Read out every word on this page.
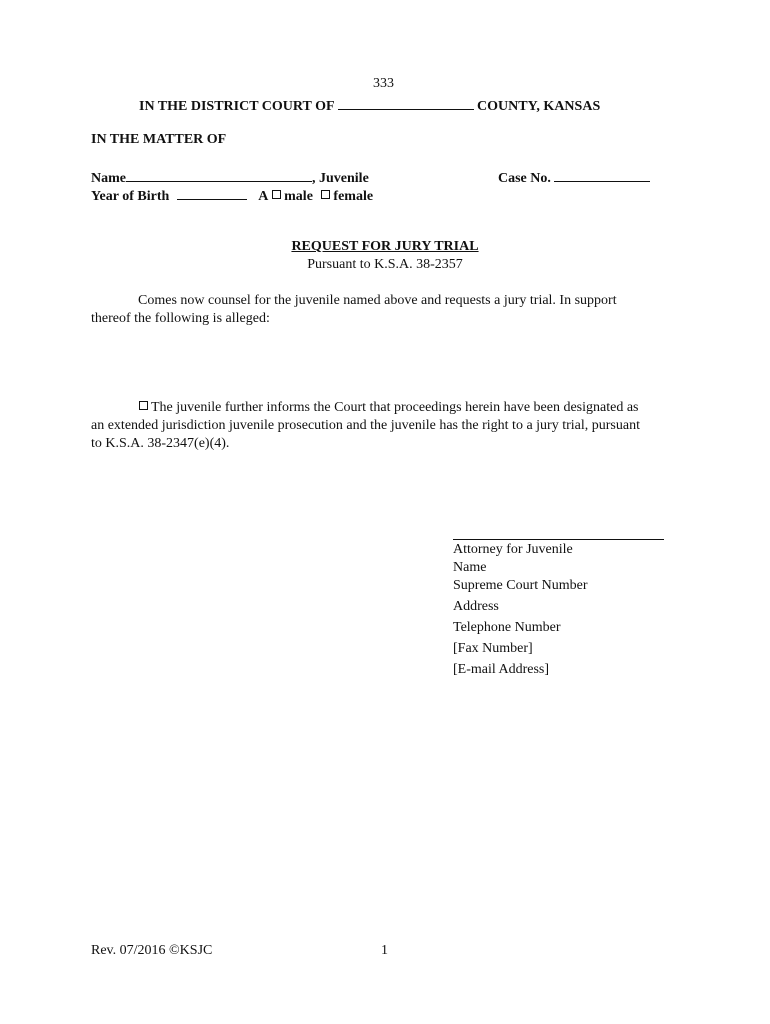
333
IN THE DISTRICT COURT OF	COUNTY, KANSAS
IN THE MATTER OF
Name	, Juvenile	Case No.
Year of Birth	A male female
REQUEST FOR JURY TRIAL
Pursuant to K.S.A. 38-2357
Comes now counsel for the juvenile named above and requests a jury trial. In support
thereof the following is alleged:
The juvenile further informs the Court that proceedings herein have been designated as
an extended jurisdiction juvenile prosecution and the juvenile has the right to a jury trial, pursuant
to K.S.A. 38-2347(e)(4).
Attorney for Juvenile
Name
Supreme Court Number
Address
Telephone Number
[Fax Number]
[E-mail Address]
Rev. 07/2016 ©KSJC	1
